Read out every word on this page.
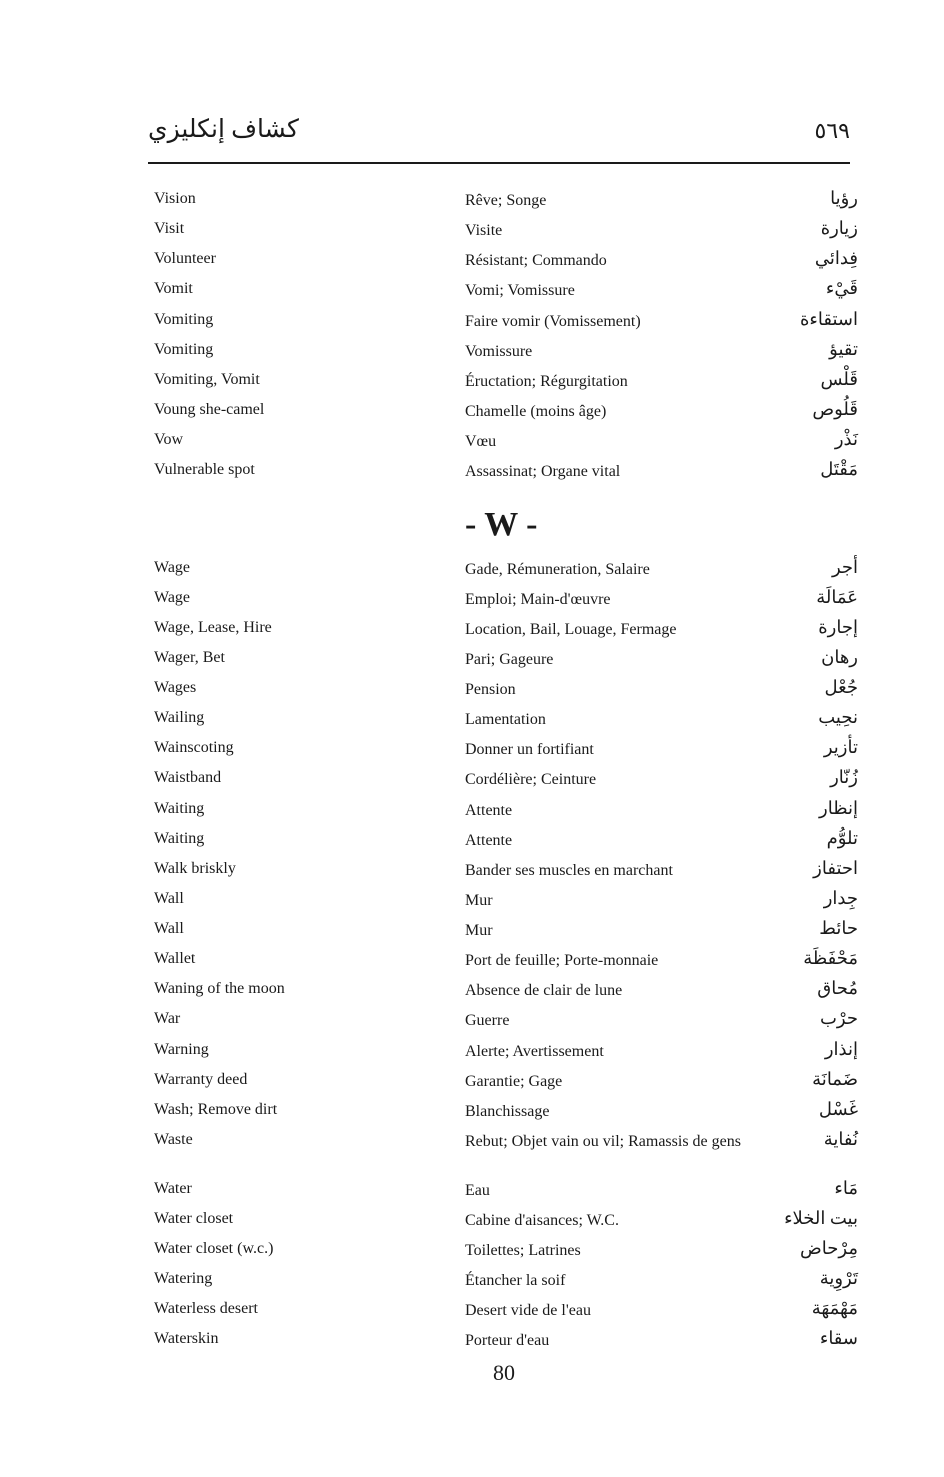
كشاف إنكليزي	٥٦٩
Vision	Rêve; Songe	رؤيا
Visit	Visite	زيارة
Volunteer	Résistant; Commando	فِدائي
Vomit	Vomi; Vomissure	قَيْء
Vomiting	Faire vomir (Vomissement)	استقاءة
Vomiting	Vomissure	تقيؤ
Vomiting, Vomit	Éructation; Régurgitation	قَلْس
Voung she-camel	Chamelle (moins âge)	قَلُوص
Vow	Vœu	نَذْر
Vulnerable spot	Assassinat; Organe vital	مَقْتَل
Wage	Gade, Rémuneration, Salaire	أجر
Wage	Emploi; Main-d'œuvre	عَمَالَة
Wage, Lease, Hire	Location, Bail, Louage, Fermage	إجارة
Wager, Bet	Pari; Gageure	رهان
Wages	Pension	جُعْل
Wailing	Lamentation	نحِيب
Wainscoting	Donner un fortifiant	تأزير
Waistband	Cordélière; Ceinture	زُنّار
Waiting	Attente	إنظار
Waiting	Attente	تلوُّم
Walk briskly	Bander ses muscles en marchant	احتفاز
Wall	Mur	جِدار
Wall	Mur	حائط
Wallet	Port de feuille; Porte-monnaie	مَحْفَظَة
Waning of the moon	Absence de clair de lune	مُحاق
War	Guerre	حرْب
Warning	Alerte; Avertissement	إنذار
Warranty deed	Garantie; Gage	ضَمانَة
Wash; Remove dirt	Blanchissage	غَسْل
Waste	Rebut; Objet vain ou vil; Ramassis de gens	نُفاية
Water	Eau	مَاء
Water closet	Cabine d'aisances; W.C.	بيت الخلاء
Water closet (w.c.)	Toilettes; Latrines	مِرْحاض
Watering	Étancher la soif	تَرْوِية
Waterless desert	Desert vide de l'eau	مَهْمَهَة
Waterskin	Porteur d'eau	سقاء
- W -
80
